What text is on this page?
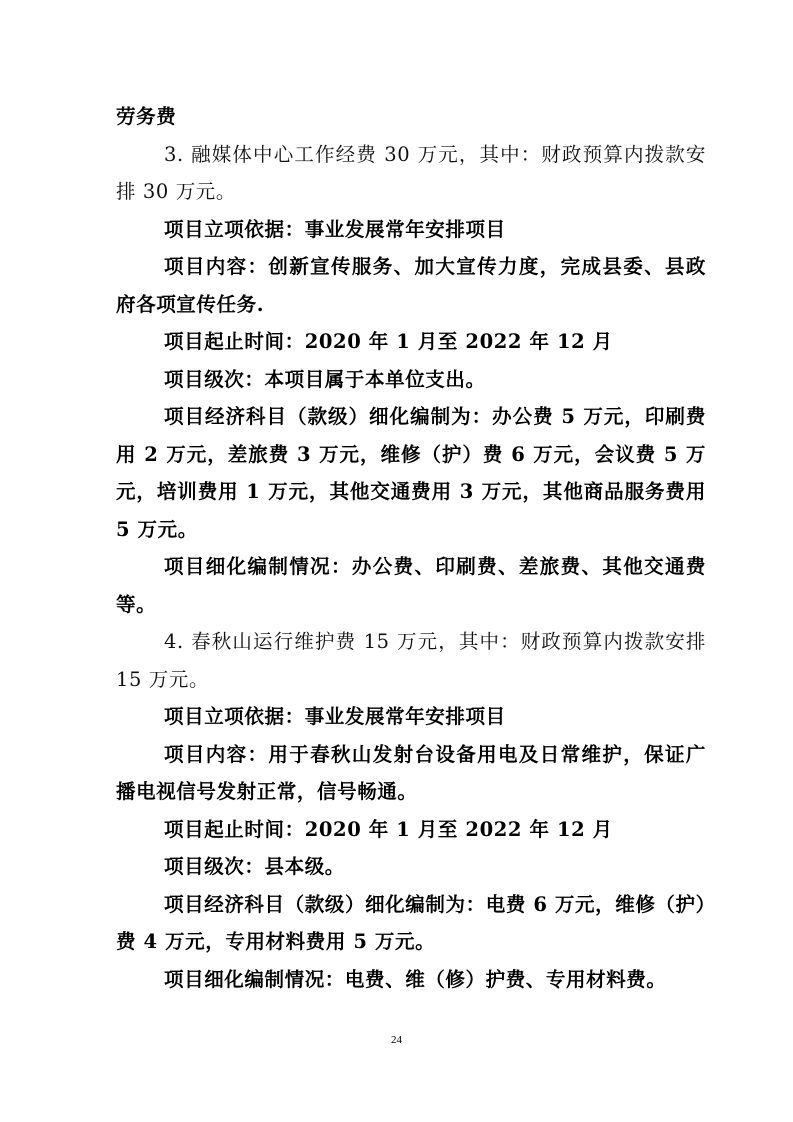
劳务费

3. 融媒体中心工作经费 30 万元，其中：财政预算内拨款安排 30 万元。

项目立项依据：事业发展常年安排项目

项目内容：创新宣传服务、加大宣传力度，完成县委、县政府各项宣传任务.

项目起止时间：2020 年 1 月至 2022 年 12 月

项目级次：本项目属于本单位支出。

项目经济科目（款级）细化编制为：办公费 5 万元，印刷费用 2 万元，差旅费 3 万元，维修（护）费 6 万元，会议费 5 万元，培训费用 1 万元，其他交通费用 3 万元，其他商品服务费用 5 万元。

项目细化编制情况：办公费、印刷费、差旅费、其他交通费等。

4. 春秋山运行维护费 15 万元，其中：财政预算内拨款安排 15 万元。

项目立项依据：事业发展常年安排项目

项目内容：用于春秋山发射台设备用电及日常维护，保证广播电视信号发射正常，信号畅通。

项目起止时间：2020 年 1 月至 2022 年 12 月

项目级次：县本级。

项目经济科目（款级）细化编制为：电费 6 万元，维修（护）费 4 万元，专用材料费用 5 万元。

项目细化编制情况：电费、维（修）护费、专用材料费。

24
